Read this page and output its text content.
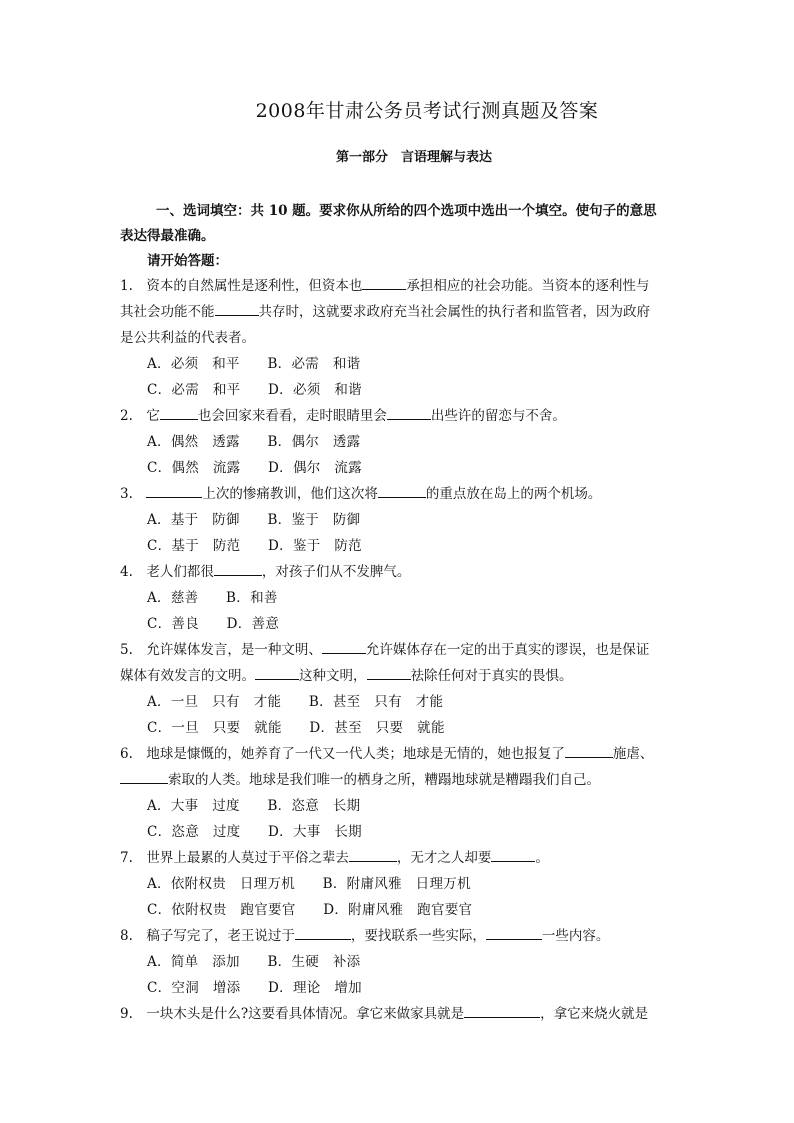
2008年甘肃公务员考试行测真题及答案
第一部分　言语理解与表达
一、选词填空：共 10 题。要求你从所给的四个选项中选出一个填空。使句子的意思
表达得最准确。
请开始答题：
1.　资本的自然属性是逐利性，但资本也	承担相应的社会功能。当资本的逐利性与
其社会功能不能	共存时，这就要求政府充当社会属性的执行者和监管者，因为政府
是公共利益的代表者。
A．必须　和平　　B．必需　和谐
C．必需　和平　　D．必须　和谐
2.　它	也会回家来看看，走时眼睛里会	出些许的留恋与不舍。
A．偶然　透露　　B．偶尔　透露
C．偶然　流露　　D．偶尔　流露
3.　	上次的惨痛教训，他们这次将	的重点放在岛上的两个机场。
A．基于　防御　　B．鉴于　防御
C．基于　防范　　D．鉴于　防范
4.　老人们都很	，对孩子们从不发脾气。
A．慈善　　B．和善
C．善良　　D．善意
5.　允许媒体发言，是一种文明、	允许媒体存在一定的出于真实的谬误，也是保证
媒体有效发言的文明。	这种文明，	祛除任何对于真实的畏惧。
A．一旦　只有　才能　　B．甚至　只有　才能
C．一旦　只要　就能　　D．甚至　只要　就能
6.　地球是慷慨的，她养育了一代又一代人类；地球是无情的，她也报复了	施虐、
索取的人类。地球是我们唯一的栖身之所，糟蹋地球就是糟蹋我们自己。
A．大事　过度　　B．恣意　长期
C．恣意　过度　　D．大事　长期
7.　世界上最累的人莫过于平俗之辈去	，无才之人却要	。
A．依附权贵　日理万机　　B．附庸风雅　日理万机
C．依附权贵　跑官要官　　D．附庸风雅　跑官要官
8.　稿子写完了，老王说过于	，要找联系一些实际，	一些内容。
A．简单　添加　　B．生硬　补添
C．空洞　增添　　D．理论　增加
9.　一块木头是什么?这要看具体情况。拿它来做家具就是	，拿它来烧火就是
